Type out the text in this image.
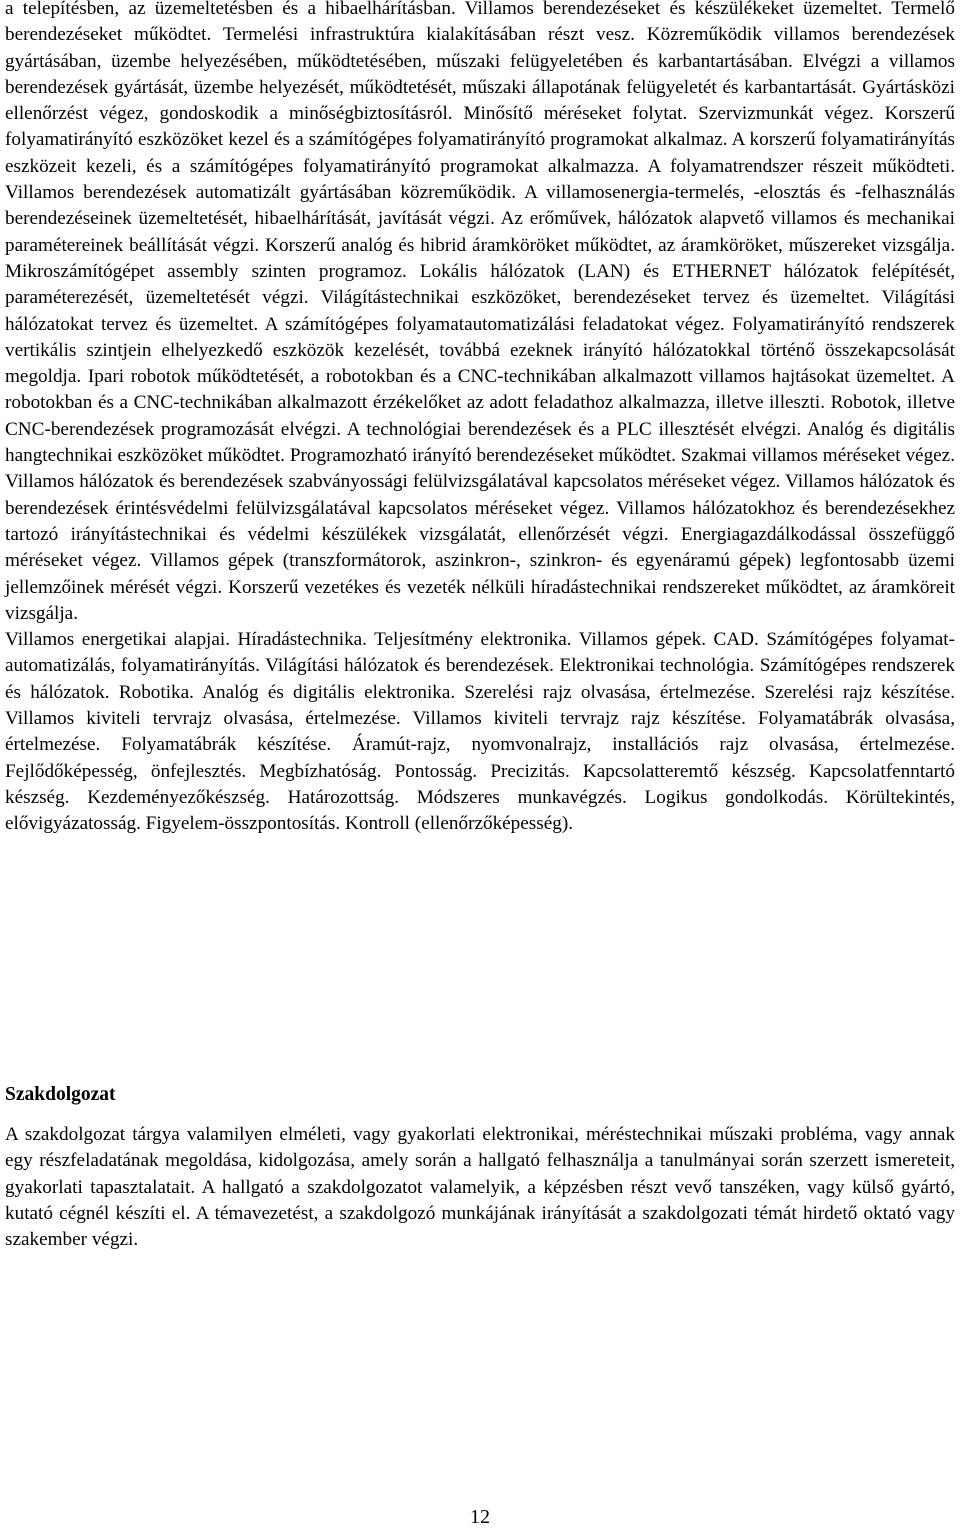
a telepítésben, az üzemeltetésben és a hibaelhárításban. Villamos berendezéseket és készülékeket üzemeltet. Termelő berendezéseket működtet. Termelési infrastruktúra kialakításában részt vesz. Közreműködik villamos berendezések gyártásában, üzembe helyezésében, működtetésében, műszaki felügyeletében és karbantartásában. Elvégzi a villamos berendezések gyártását, üzembe helyezését, működtetését, műszaki állapotának felügyeletét és karbantartását. Gyártásközi ellenőrzést végez, gondoskodik a minőségbiztosításról. Minősítő méréseket folytat. Szervizmunkát végez. Korszerű folyamatirányító eszközöket kezel és a számítógépes folyamatirányító programokat alkalmaz. A korszerű folyamatirányítás eszközeit kezeli, és a számítógépes folyamatirányító programokat alkalmazza. A folyamatrendszer részeit működteti. Villamos berendezések automatizált gyártásában közreműködik. A villamosenergia-termelés, -elosztás és -felhasználás berendezéseinek üzemeltetését, hibaelhárítását, javítását végzi. Az erőművek, hálózatok alapvető villamos és mechanikai paramétereinek beállítását végzi. Korszerű analóg és hibrid áramköröket működtet, az áramköröket, műszereket vizsgálja. Mikroszámítógépet assembly szinten programoz. Lokális hálózatok (LAN) és ETHERNET hálózatok felépítését, paraméterezését, üzemeltetését végzi. Világítástechnikai eszközöket, berendezéseket tervez és üzemeltet. Világítási hálózatokat tervez és üzemeltet. A számítógépes folyamatautomatizálási feladatokat végez. Folyamatirányító rendszerek vertikális szintjein elhelyezkedő eszközök kezelését, továbbá ezeknek irányító hálózatokkal történő összekapcsolását megoldja. Ipari robotok működtetését, a robotokban és a CNC-technikában alkalmazott villamos hajtásokat üzemeltet. A robotokban és a CNC-technikában alkalmazott érzékelőket az adott feladathoz alkalmazza, illetve illeszti. Robotok, illetve CNC-berendezések programozását elvégzi. A technológiai berendezések és a PLC illesztését elvégzi. Analóg és digitális hangtechnikai eszközöket működtet. Programozható irányító berendezéseket működtet. Szakmai villamos méréseket végez. Villamos hálózatok és berendezések szabványossági felülvizsgálatával kapcsolatos méréseket végez. Villamos hálózatok és berendezések érintésvédelmi felülvizsgálatával kapcsolatos méréseket végez. Villamos hálózatokhoz és berendezésekhez tartozó irányítástechnikai és védelmi készülékek vizsgálatát, ellenőrzését végzi. Energiagazdálkodással összefüggő méréseket végez. Villamos gépek (transzformátorok, aszinkron-, szinkron- és egyenáramú gépek) legfontosabb üzemi jellemzőinek mérését végzi. Korszerű vezetékes és vezeték nélküli híradástechnikai rendszereket működtet, az áramköreit vizsgálja.

Villamos energetikai alapjai. Híradástechnika. Teljesítmény elektronika. Villamos gépek. CAD. Számítógépes folyamat-automatizálás, folyamatirányítás. Világítási hálózatok és berendezések. Elektronikai technológia. Számítógépes rendszerek és hálózatok. Robotika. Analóg és digitális elektronika. Szerelési rajz olvasása, értelmezése. Szerelési rajz készítése. Villamos kiviteli tervrajz olvasása, értelmezése. Villamos kiviteli tervrajz rajz készítése. Folyamatábrák olvasása, értelmezése. Folyamatábrák készítése. Áramút-rajz, nyomvonalrajz, installációs rajz olvasása, értelmezése. Fejlődőképesség, önfejlesztés. Megbízhatóság. Pontosság. Precizitás. Kapcsolatteremtő készség. Kapcsolatfenntartó készség. Kezdeményezőkészség. Határozottság. Módszeres munkavégzés. Logikus gondolkodás. Körültekintés, elővigyázatosság. Figyelem-összpontosítás. Kontroll (ellenőrzőképesség).

Szakdolgozat

A szakdolgozat tárgya valamilyen elméleti, vagy gyakorlati elektronikai, méréstechnikai műszaki probléma, vagy annak egy részfeladatának megoldása, kidolgozása, amely során a hallgató felhasználja a tanulmányai során szerzett ismereteit, gyakorlati tapasztalatait. A hallgató a szakdolgozatot valamelyik, a képzésben részt vevő tanszéken, vagy külső gyártó, kutató cégnél készíti el. A témavezetést, a szakdolgozó munkájának irányítását a szakdolgozati témát hirdető oktató vagy szakember végzi.

12
